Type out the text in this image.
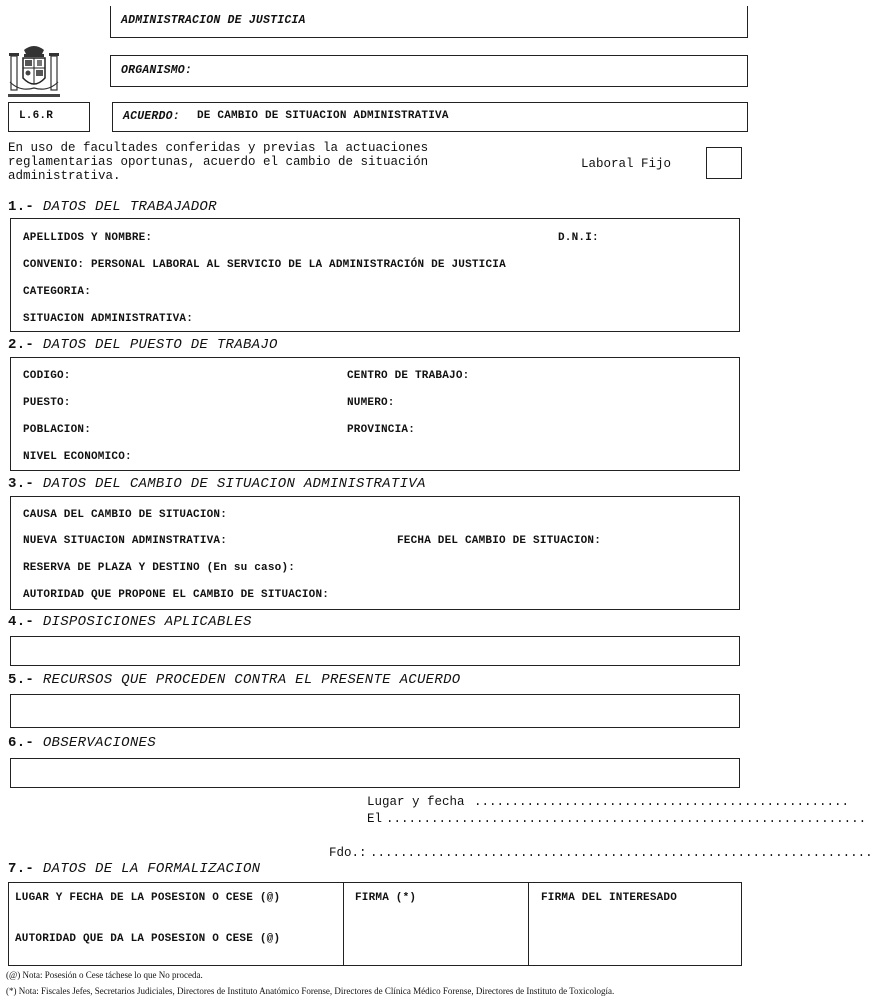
ADMINISTRACION DE JUSTICIA
ORGANISMO:
L.6.R	ACUERDO: DE CAMBIO DE SITUACION ADMINISTRATIVA
En uso de facultades conferidas y previas la actuaciones
reglamentarias oportunas, acuerdo el cambio de situación
administrativa.
Laboral Fijo
1.- DATOS DEL TRABAJADOR
APELLIDOS Y NOMBRE:	D.N.I:
CONVENIO: PERSONAL LABORAL AL SERVICIO DE LA ADMINISTRACIÓN DE JUSTICIA
CATEGORIA:
SITUACION ADMINISTRATIVA:
2.- DATOS DEL PUESTO DE TRABAJO
CODIGO:	CENTRO DE TRABAJO:
PUESTO:	NUMERO:
POBLACION:	PROVINCIA:
NIVEL ECONOMICO:
3.- DATOS DEL CAMBIO DE SITUACION ADMINISTRATIVA
CAUSA DEL CAMBIO DE SITUACION:
NUEVA SITUACION ADMINSTRATIVA:	FECHA DEL CAMBIO DE SITUACION:
RESERVA DE PLAZA Y DESTINO (En su caso):
AUTORIDAD QUE PROPONE EL CAMBIO DE SITUACION:
4.- DISPOSICIONES APLICABLES
5.- RECURSOS QUE PROCEDEN CONTRA EL PRESENTE ACUERDO
6.- OBSERVACIONES
Lugar y fecha ..................................................
El ................................................................
Fdo.: ...................................................................
7.- DATOS DE LA FORMALIZACION
LUGAR Y FECHA DE LA POSESION O CESE (@)
AUTORIDAD QUE DA LA POSESION O CESE (@)
FIRMA (*)	FIRMA DEL INTERESADO
(@) Nota: Posesión o Cese táchese lo que No proceda.
(*) Nota: Fiscales Jefes, Secretarios Judiciales, Directores de Instituto Anatómico Forense, Directores de Clínica Médico Forense, Directores de Instituto de Toxicología.
